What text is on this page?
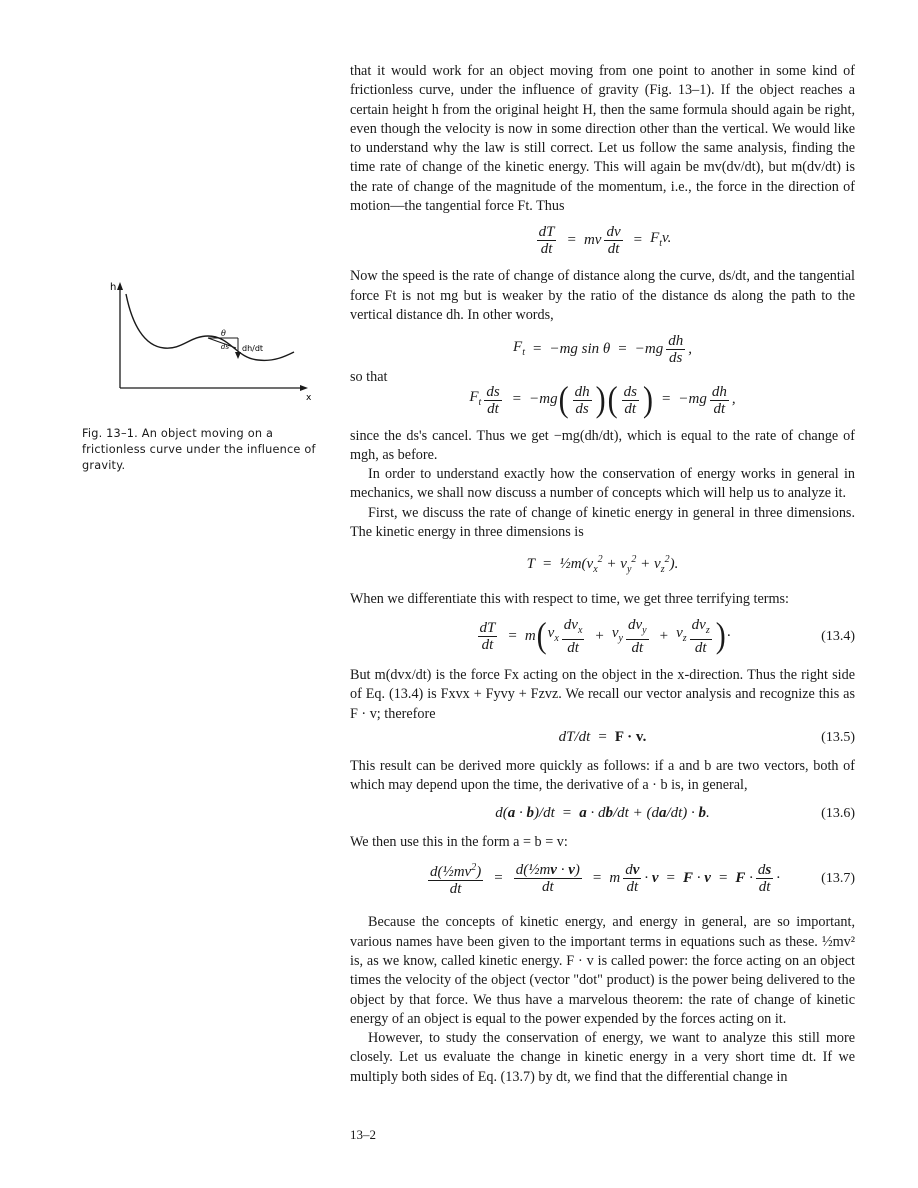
h
x
θ
ds dh/dt
Fig. 13–1. An object moving on a frictionless curve under the influence of gravity.

that it would work for an object moving from one point to another in some kind of frictionless curve, under the influence of gravity (Fig. 13–1). If the object reaches a certain height h from the original height H, then the same formula should again be right, even though the velocity is now in some direction other than the vertical. We would like to understand why the law is still correct. Let us follow the same analysis, finding the time rate of change of the kinetic energy. This will again be mv(dv/dt), but m(dv/dt) is the rate of change of the magnitude of the momentum, i.e., the force in the direction of motion—the tangential force Ft. Thus

$\frac{dT}{dt}$ = mv $\frac{dv}{dt} = F_tv$.

Now the speed is the rate of change of distance along the curve, ds/dt, and the tangential force Ft is not mg but is weaker by the ratio of the distance ds along the path to the vertical distance dh. In other words,

$F_t = -mg$ $\sin \theta = -mg \frac{dh}{ds}$ ,

so that

$F_t \frac{ds}{dt} = -mg$ ( $\frac{dh}{ds}$ ) ( $\frac{ds}{dt}$ ) = $-mg \frac{dh}{dt}$ ,

since the ds's cancel. Thus we get −mg(dh/dt), which is equal to the rate of change of mgh, as before.

In order to understand exactly how the conservation of energy works in general in mechanics, we shall now discuss a number of concepts which will help us to analyze it.

First, we discuss the rate of change of kinetic energy in general in three dimensions. The kinetic energy in three dimensions is

$T = \frac{1}{2}m(v_x^2 + v_y^2 + v_z^2)$.

When we differentiate this with respect to time, we get three terrifying terms:

$\frac{dT}{dt} = m$ ( $v_x \frac{dv_x}{dt} + v_y \frac{dv_y}{dt} + v_z \frac{dv_z}{dt}$ ) ·	(13.4)

But m(dvx/dt) is the force Fx acting on the object in the x-direction. Thus the right side of Eq. (13.4) is Fxvx + Fyvy + Fzvz. We recall our vector analysis and recognize this as F · v; therefore

dT/dt = F · v.	(13.5)

This result can be derived more quickly as follows: if a and b are two vectors, both of which may depend upon the time, the derivative of a · b is, in general,

d(a · b)/dt = a · db/dt + (da/dt) · b.	(13.6)

We then use this in the form a = b = v:

$\frac{d(\frac{1}{2}mv^2)}{dt} = \frac{\text{d(½mv · v)}}{dt} = m \frac{dv}{dt} \cdot v = F \cdot v = F \cdot \frac{ds}{dt}$ ·	(13.7)

Because the concepts of kinetic energy, and energy in general, are so important, various names have been given to the important terms in equations such as these. ½mv² is, as we know, called kinetic energy. F · v is called power: the force acting on an object times the velocity of the object (vector "dot" product) is the power being delivered to the object by that force. We thus have a marvelous theorem: the rate of change of kinetic energy of an object is equal to the power expended by the forces acting on it.

However, to study the conservation of energy, we want to analyze this still more closely. Let us evaluate the change in kinetic energy in a very short time dt. If we multiply both sides of Eq. (13.7) by dt, we find that the differential change in

13–2
